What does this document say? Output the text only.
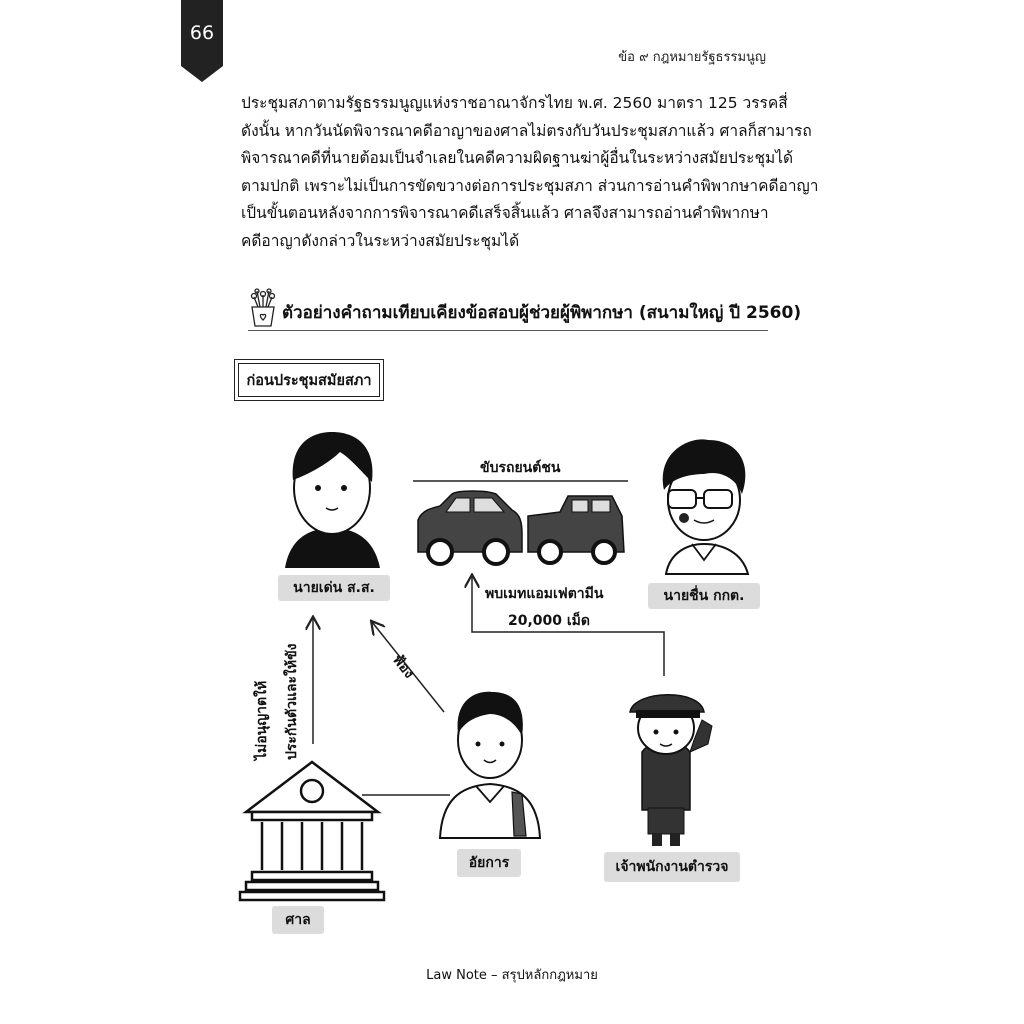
66
ข้อ ๙ กฎหมายรัฐธรรมนูญ

ประชุมสภาตามรัฐธรรมนูญแห่งราชอาณาจักรไทย พ.ศ. 2560 มาตรา 125 วรรคสี่

ดังนั้น หากวันนัดพิจารณาคดีอาญาของศาลไม่ตรงกับวันประชุมสภาแล้ว ศาลก็สามารถ

พิจารณาคดีที่นายต้อมเป็นจำเลยในคดีความผิดฐานฆ่าผู้อื่นในระหว่างสมัยประชุมได้

ตามปกติ เพราะไม่เป็นการขัดขวางต่อการประชุมสภา ส่วนการอ่านคำพิพากษาคดีอาญา

เป็นขั้นตอนหลังจากการพิจารณาคดีเสร็จสิ้นแล้ว ศาลจึงสามารถอ่านคำพิพากษา

คดีอาญาดังกล่าวในระหว่างสมัยประชุมได้

ตัวอย่างคำถามเทียบเคียงข้อสอบผู้ช่วยผู้พิพากษา (สนามใหญ่ ปี 2560)
ก่อนประชุมสมัยสภา
ขับรถยนต์ชน
พบเมทแอมเฟตามีน
20,000 เม็ด
ฟ้อง
ไม่อนุญาตให้ ประกันตัวและให้ขัง
นายเด่น ส.ส.	นายชื่น กกต.
อัยการ	เจ้าพนักงานตำรวจ
ศาล
Law Note – สรุปหลักกฎหมาย
